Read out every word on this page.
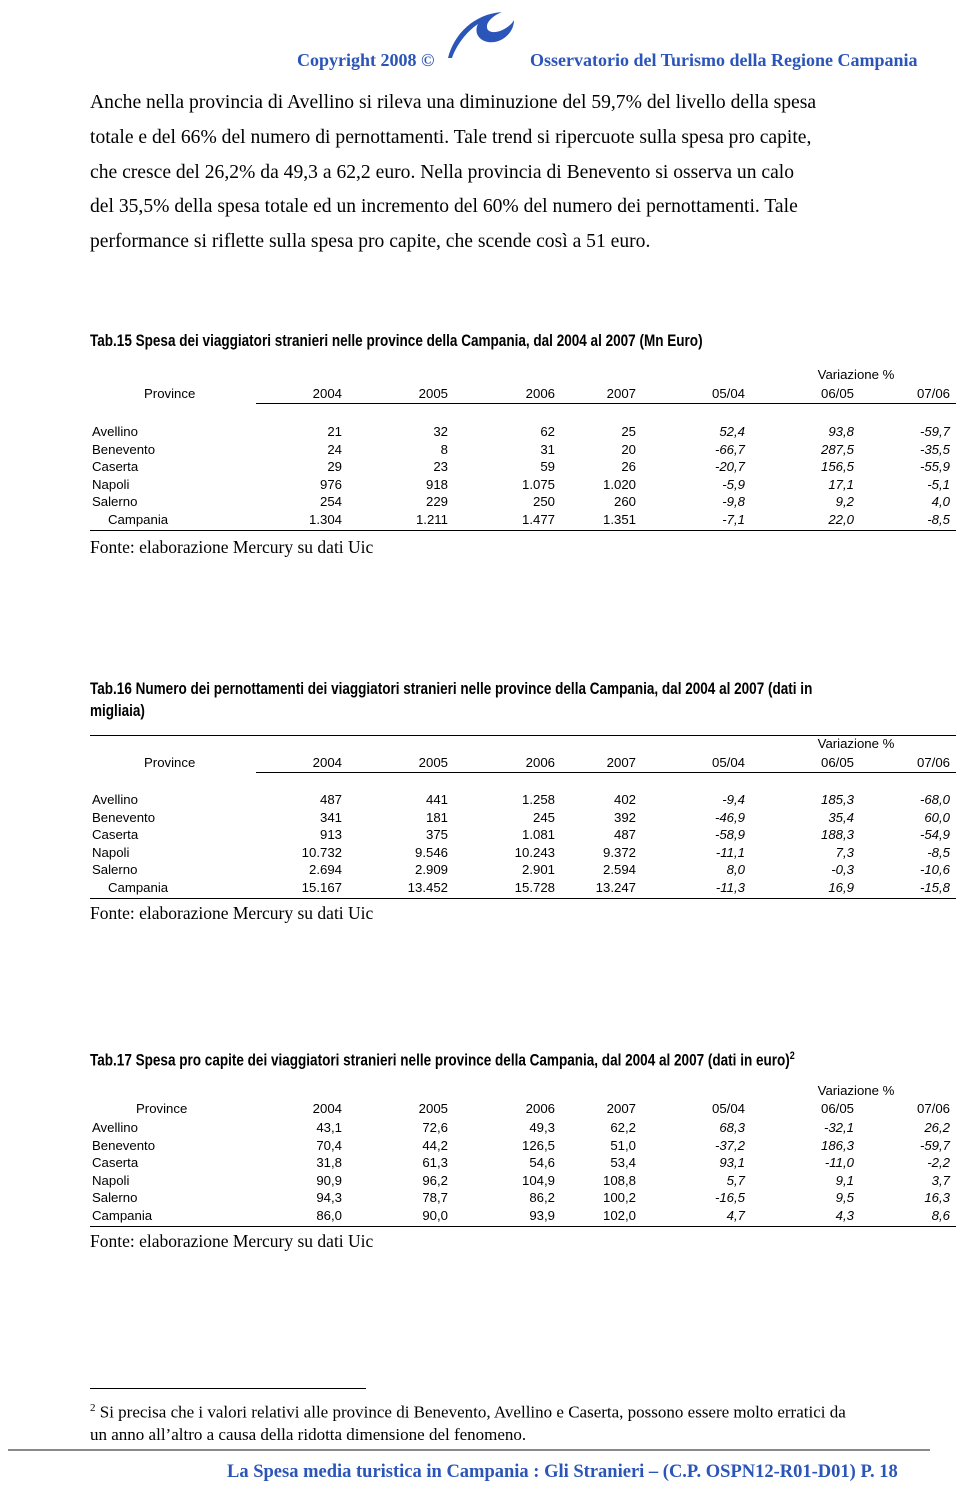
Copyright 2008 ©	Osservatorio del Turismo della Regione Campania

Anche nella provincia di Avellino si rileva una diminuzione del 59,7% del livello della spesa

totale e del 66% del numero di pernottamenti. Tale trend si ripercuote sulla spesa pro capite,

che cresce del 26,2% da 49,3 a 62,2 euro. Nella provincia di Benevento si osserva un calo

del 35,5% della spesa totale ed un incremento del 60% del numero dei pernottamenti. Tale

performance si riflette sulla spesa pro capite, che scende così a 51 euro.

Tab.15 Spesa dei viaggiatori stranieri nelle province della Campania, dal 2004 al 2007 (Mn Euro)
Variazione %
Province	2004	2005	2006	2007	05/04	06/05	07/06
Avellino	21	32	62	25	52,4	93,8	-59,7
Benevento	24	8	31	20	-66,7	287,5	-35,5
Caserta	29	23	59	26	-20,7	156,5	-55,9
Napoli	976	918	1.075	1.020	-5,9	17,1	-5,1
Salerno	254	229	250	260	-9,8	9,2	4,0
Campania	1.304	1.211	1.477	1.351	-7,1	22,0	-8,5
Fonte: elaborazione Mercury su dati Uic
Tab.16 Numero dei pernottamenti dei viaggiatori stranieri nelle province della Campania, dal 2004 al 2007 (dati in
migliaia)
Variazione %
Province	2004	2005	2006	2007	05/04	06/05	07/06
Avellino	487	441	1.258	402	-9,4	185,3	-68,0
Benevento	341	181	245	392	-46,9	35,4	60,0
Caserta	913	375	1.081	487	-58,9	188,3	-54,9
Napoli	10.732	9.546	10.243	9.372	-11,1	7,3	-8,5
Salerno	2.694	2.909	2.901	2.594	8,0	-0,3	-10,6
Campania	15.167	13.452	15.728	13.247	-11,3	16,9	-15,8
Fonte: elaborazione Mercury su dati Uic
Tab.17 Spesa pro capite dei viaggiatori stranieri nelle province della Campania, dal 2004 al 2007 (dati in euro)$^2$
Variazione %
Province	2004	2005	2006	2007	05/04	06/05	07/06
Avellino	43,1	72,6	49,3	62,2	68,3	-32,1	26,2
Benevento	70,4	44,2	126,5	51,0	-37,2	186,3	-59,7
Caserta	31,8	61,3	54,6	53,4	93,1	-11,0	-2,2
Napoli	90,9	96,2	104,9	108,8	5,7	9,1	3,7
Salerno	94,3	78,7	86,2	100,2	-16,5	9,5	16,3
Campania	86,0	90,0	93,9	102,0	4,7	4,3	8,6
Fonte: elaborazione Mercury su dati Uic
$^2$ Si precisa che i valori relativi alle province di Benevento, Avellino e Caserta, possono essere molto erratici da
un anno all’altro a causa della ridotta dimensione del fenomeno.
La Spesa media turistica in Campania : Gli Stranieri – (C.P. OSPN12-R01-D01) P. 18
